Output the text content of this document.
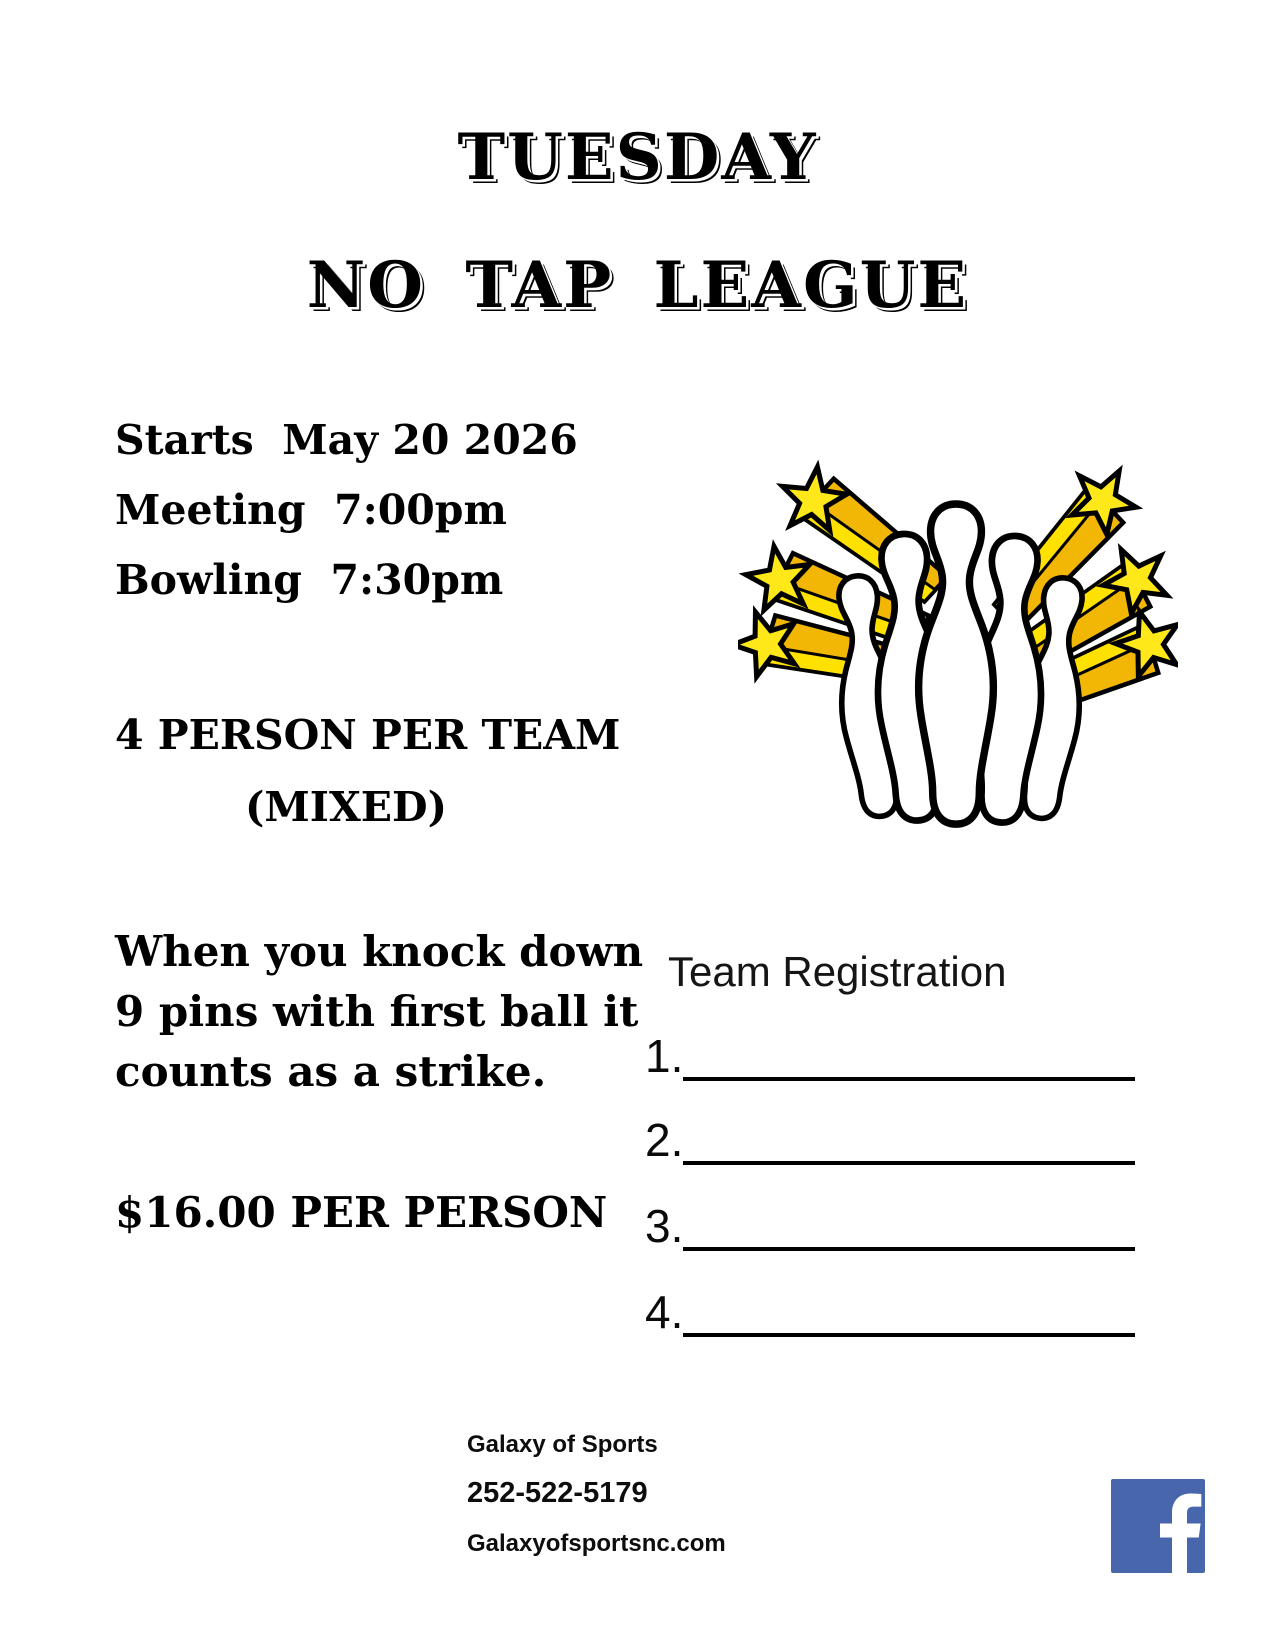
TUESDAY
NO TAP LEAGUE
Starts  May 20 2026
Meeting  7:00pm
Bowling  7:30pm
4 PERSON PER TEAM
(MIXED)
When you knock down
9 pins with first ball it
counts as a strike.
$16.00 PER PERSON
Team Registration
1.
2.
3.
4.
Galaxy of Sports
252-522-5179
Galaxyofsportsnc.com
